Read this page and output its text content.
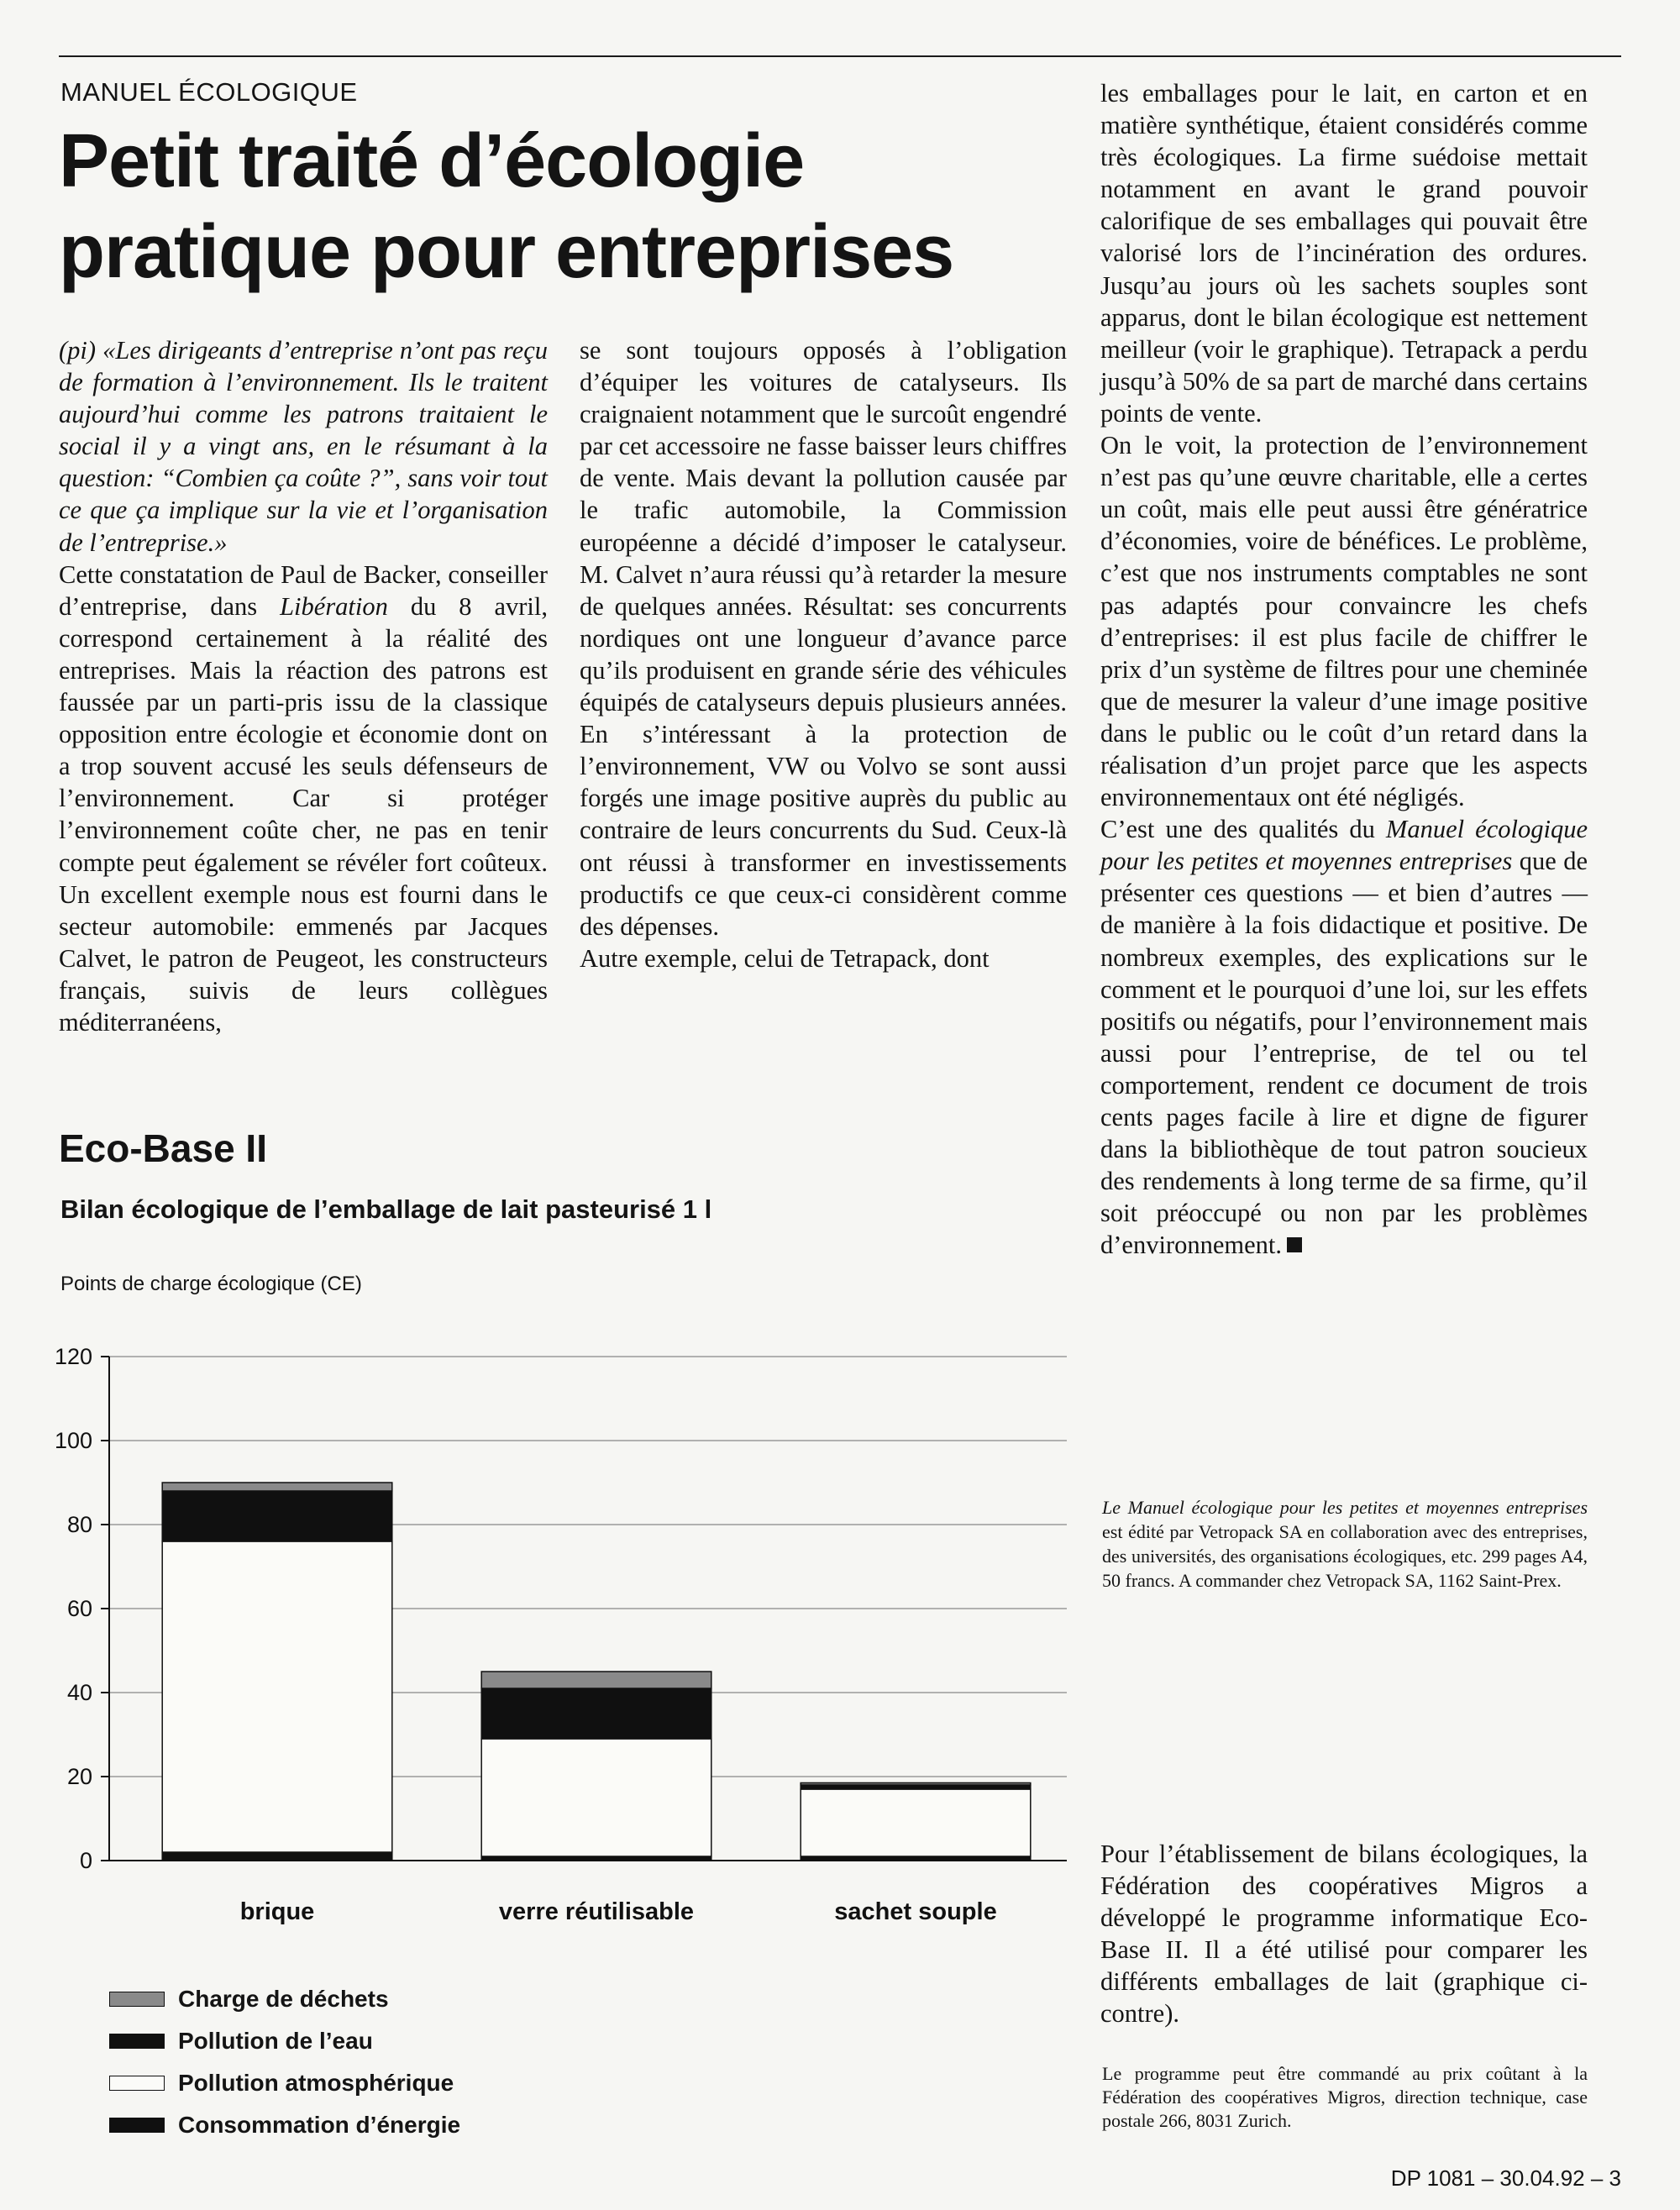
MANUEL ÉCOLOGIQUE
Petit traité d’écologie
pratique pour entreprises

(pi) «Les dirigeants d’entreprise n’ont pas reçu de formation à l’environnement. Ils le traitent aujourd’hui comme les patrons traitaient le social il y a vingt ans, en le résumant à la question: “Combien ça coûte ?”, sans voir tout ce que ça implique sur la vie et l’organisation de l’entreprise.»

Cette constatation de Paul de Backer, conseiller d’entreprise, dans Libération du 8 avril, correspond certainement à la réalité des entreprises. Mais la réaction des patrons est faussée par un parti-pris issu de la classique opposition entre écologie et économie dont on a trop souvent accusé les seuls défenseurs de l’environnement. Car si protéger l’environnement coûte cher, ne pas en tenir compte peut également se révéler fort coûteux. Un excellent exemple nous est fourni dans le secteur automobile: emmenés par Jacques Calvet, le patron de Peugeot, les constructeurs français, suivis de leurs collègues méditerranéens,

se sont toujours opposés à l’obligation d’équiper les voitures de catalyseurs. Ils craignaient notamment que le surcoût engendré par cet accessoire ne fasse baisser leurs chiffres de vente. Mais devant la pollution causée par le trafic automobile, la Commission européenne a décidé d’imposer le catalyseur. M. Calvet n’aura réussi qu’à retarder la mesure de quelques années. Résultat: ses concurrents nordiques ont une longueur d’avance parce qu’ils produisent en grande série des véhicules équipés de catalyseurs depuis plusieurs années. En s’intéressant à la protection de l’environnement, VW ou Volvo se sont aussi forgés une image positive auprès du public au contraire de leurs concurrents du Sud. Ceux-là ont réussi à transformer en investissements productifs ce que ceux-ci considèrent comme des dépenses.

Autre exemple, celui de Tetrapack, dont

les emballages pour le lait, en carton et en matière synthétique, étaient considérés comme très écologiques. La firme suédoise mettait notamment en avant le grand pouvoir calorifique de ses emballages qui pouvait être valorisé lors de l’incinération des ordures. Jusqu’au jours où les sachets souples sont apparus, dont le bilan écologique est nettement meilleur (voir le graphique). Tetrapack a perdu jusqu’à 50% de sa part de marché dans certains points de vente.

On le voit, la protection de l’environnement n’est pas qu’une œuvre charitable, elle a certes un coût, mais elle peut aussi être génératrice d’économies, voire de bénéfices. Le problème, c’est que nos instruments comptables ne sont pas adaptés pour convaincre les chefs d’entreprises: il est plus facile de chiffrer le prix d’un système de filtres pour une cheminée que de mesurer la valeur d’une image positive dans le public ou le coût d’un retard dans la réalisation d’un projet parce que les aspects environnementaux ont été négligés.

C’est une des qualités du Manuel écologique pour les petites et moyennes entreprises que de présenter ces questions — et bien d’autres — de manière à la fois didactique et positive. De nombreux exemples, des explications sur le comment et le pourquoi d’une loi, sur les effets positifs ou négatifs, pour l’environnement mais aussi pour l’entreprise, de tel ou tel comportement, rendent ce document de trois cents pages facile à lire et digne de figurer dans la bibliothèque de tout patron soucieux des rendements à long terme de sa firme, qu’il soit préoccupé ou non par les problèmes d’environnement.

Le Manuel écologique pour les petites et moyennes entreprises est édité par Vetropack SA en collaboration avec des entreprises, des universités, des organisations écologiques, etc. 299 pages A4, 50 francs. A commander chez Vetropack SA, 1162 Saint-Prex.

Eco-Base II
Bilan écologique de l’emballage de lait pasteurisé 1 l
Points de charge écologique (CE)
0
20
40
60
80
100
120
brique	verre réutilisable	sachet souple
Charge de déchets
Pollution de l’eau
Pollution atmosphérique
Consommation d’énergie

Pour l’établissement de bilans écologiques, la Fédération des coopératives Migros a développé le programme informatique Eco-Base II. Il a été utilisé pour comparer les différents emballages de lait (graphique ci-contre).

Le programme peut être commandé au prix coûtant à la Fédération des coopératives Migros, direction technique, case postale 266, 8031 Zurich.

DP 1081 – 30.04.92 – 3
